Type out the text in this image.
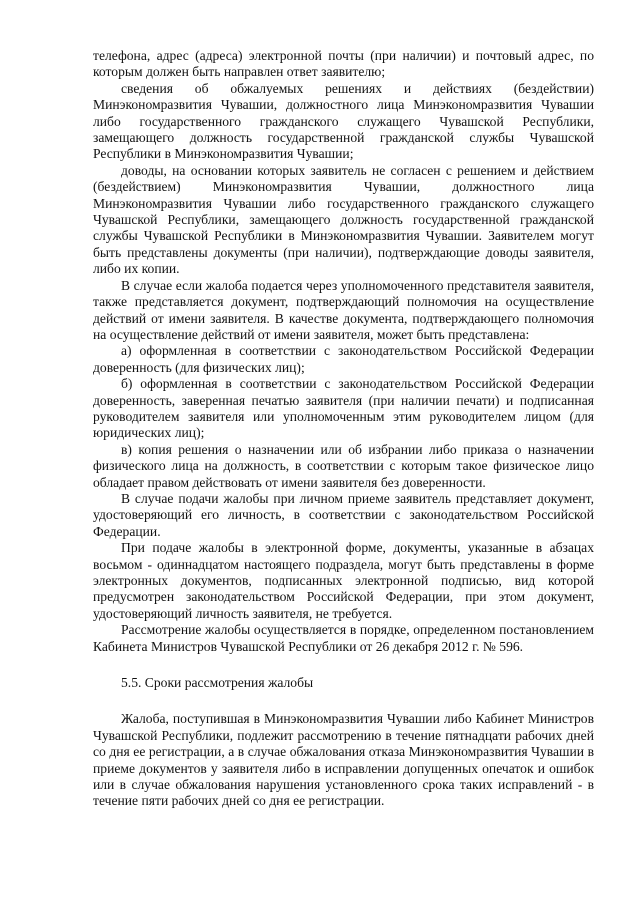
телефона, адрес (адреса) электронной почты (при наличии) и почтовый адрес, по которым должен быть направлен ответ заявителю;

сведения об обжалуемых решениях и действиях (бездействии) Минэкономразвития Чувашии, должностного лица Минэкономразвития Чувашии либо государственного гражданского служащего Чувашской Республики, замещающего должность государственной гражданской службы Чувашской Республики в Минэкономразвития Чувашии;

доводы, на основании которых заявитель не согласен с решением и действием (бездействием) Минэкономразвития Чувашии, должностного лица Минэкономразвития Чувашии либо государственного гражданского служащего Чувашской Республики, замещающего должность государственной гражданской службы Чувашской Республики в Минэкономразвития Чувашии. Заявителем могут быть представлены документы (при наличии), подтверждающие доводы заявителя, либо их копии.

В случае если жалоба подается через уполномоченного представителя заявителя, также представляется документ, подтверждающий полномочия на осуществление действий от имени заявителя. В качестве документа, подтверждающего полномочия на осуществление действий от имени заявителя, может быть представлена:

а) оформленная в соответствии с законодательством Российской Федерации доверенность (для физических лиц);

б) оформленная в соответствии с законодательством Российской Федерации доверенность, заверенная печатью заявителя (при наличии печати) и подписанная руководителем заявителя или уполномоченным этим руководителем лицом (для юридических лиц);

в) копия решения о назначении или об избрании либо приказа о назначении физического лица на должность, в соответствии с которым такое физическое лицо обладает правом действовать от имени заявителя без доверенности.

В случае подачи жалобы при личном приеме заявитель представляет документ, удостоверяющий его личность, в соответствии с законодательством Российской Федерации.

При подаче жалобы в электронной форме, документы, указанные в абзацах восьмом - одиннадцатом настоящего подраздела, могут быть представлены в форме электронных документов, подписанных электронной подписью, вид которой предусмотрен законодательством Российской Федерации, при этом документ, удостоверяющий личность заявителя, не требуется.

Рассмотрение жалобы осуществляется в порядке, определенном постановлением Кабинета Министров Чувашской Республики от 26 декабря 2012 г. № 596.

5.5. Сроки рассмотрения жалобы

Жалоба, поступившая в Минэкономразвития Чувашии либо Кабинет Министров Чувашской Республики, подлежит рассмотрению в течение пятнадцати рабочих дней со дня ее регистрации, а в случае обжалования отказа Минэкономразвития Чувашии в приеме документов у заявителя либо в исправлении допущенных опечаток и ошибок или в случае обжалования нарушения установленного срока таких исправлений - в течение пяти рабочих дней со дня ее регистрации.
